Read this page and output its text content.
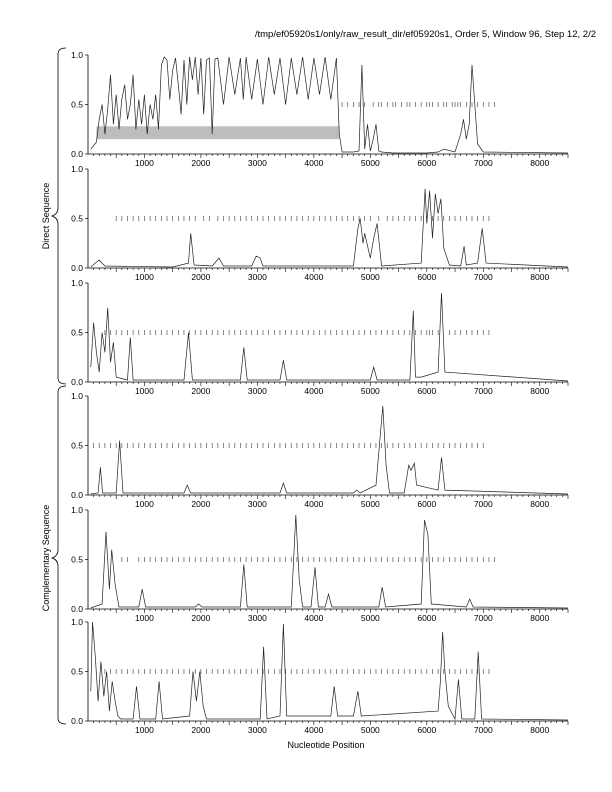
/tmp/ef05920s1/only/raw_result_dir/ef05920s1, Order 5, Window 96, Step 12, 2/2
Direct Sequence
Complementary Sequence
0.0
0.5
1.0
1000	2000	3000	4000	5000	6000	7000	8000
0.0
0.5
1.0
1000	2000	3000	4000	5000	6000	7000	8000
0.0
0.5
1.0
1000	2000	3000	4000	5000	6000	7000	8000
0.0
0.5
1.0
1000	2000	3000	4000	5000	6000	7000	8000
0.0
0.5
1.0
1000	2000	3000	4000	5000	6000	7000	8000
0.0
0.5
1.0
1000	2000	3000	4000	5000	6000	7000	8000
Nucleotide Position
